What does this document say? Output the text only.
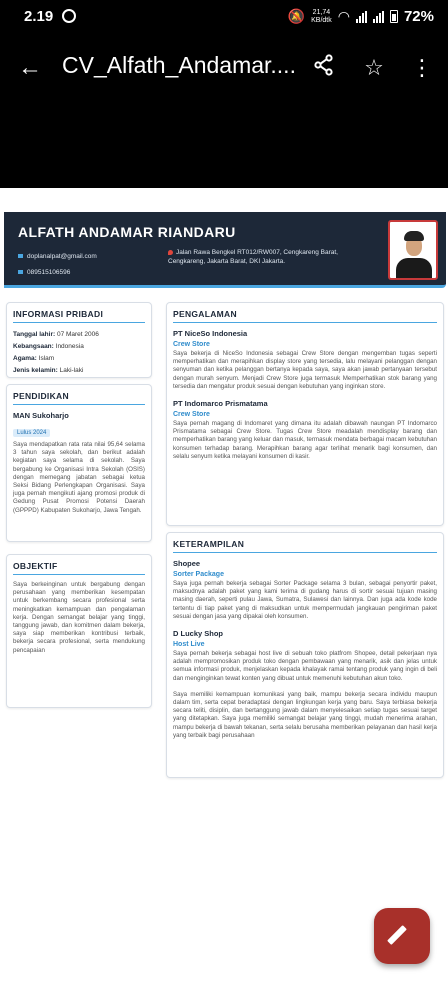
2.19	🔕 21,74
KB/dtk ◠	72%
← CV_Alfath_Andamar....	☆ ⋮
ALFATH ANDAMAR RIANDARU
doplanalpat@gmail.com
089515106596
Jalan Rawa Bengkel RT012/RW007, Cengkareng Barat, Cengkareng, Jakarta Barat, DKI Jakarta.
INFORMASI PRIBADI
Tanggal lahir: 07 Maret 2006
Kebangsaan: Indonesia
Agama: Islam
Jenis kelamin: Laki-laki
PENDIDIKAN
MAN Sukoharjo
Lulus 2024
Saya mendapatkan rata rata nilai 95,64 selama 3 tahun saya sekolah, dan berikut adalah kegiatan saya selama di sekolah. Saya bergabung ke Organisasi Intra Sekolah (OSIS) dengan memegang jabatan sebagai ketua Seksi Bidang Perlengkapan Organisasi. Saya juga pernah mengikuti ajang promosi produk di Gedung Pusat Promosi Potensi Daerah (GPPPD) Kabupaten Sukoharjo, Jawa Tengah.
OBJEKTIF
Saya berkeinginan untuk bergabung dengan perusahaan yang memberikan kesempatan untuk berkembang secara profesional serta meningkatkan kemampuan dan pengalaman kerja. Dengan semangat belajar yang tinggi, tanggung jawab, dan komitmen dalam bekerja, saya siap memberikan kontribusi terbaik, bekerja secara profesional, serta mendukung pencapaian
PENGALAMAN
PT NiceSo Indonesia
Crew Store
Saya bekerja di NiceSo Indonesia sebagai Crew Store dengan mengemban tugas seperti memperhatikan dan merapihkan display store yang tersedia, lalu melayani pelanggan dengan senyuman dan ketika pelanggan bertanya kepada saya, saya akan jawab pertanyaan tersebut dengan murah senyum. Menjadi Crew Store juga termasuk Memperhatikan stok barang yang tersedia dan mengatur produk sesuai dengan kebutuhan yang inginkan store.
PT Indomarco Prismatama
Crew Store
Saya pernah magang di Indomaret yang dimana itu adalah dibawah naungan PT Indomarco Prismatama sebagai Crew Store. Tugas Crew Store meadalah mendisplay barang dan memperhatikan barang yang keluar dan masuk, termasuk mendata berbagai macam kebutuhan konsumen terhadap barang. Merapihkan barang agar terlihat menarik bagi konsumen, dan selalu senyum ketika melayani konsumen di kasir.
KETERAMPILAN
Shopee
Sorter Package
Saya juga pernah bekerja sebagai Sorter Package selama 3 bulan, sebagai penyortir paket, maksudnya adalah paket yang kami terima di gudang harus di sortir sesuai tujuan masing masing daerah, seperti pulau Jawa, Sumatra, Sulawesi dan lainnya. Dan juga ada kode kode tertentu di tiap paket yang di maksudkan untuk mempermudah jangkauan pengiriman paket sesuai dengan jasa yang dipakai oleh konsumen.
D Lucky Shop
Host Live
Saya pernah bekerja sebagai host live di sebuah toko platfrom Shopee, detail pekerjaan nya adalah mempromosikan produk toko dengan pembawaan yang menarik, asik dan jelas untuk semua informasi produk, menjelaskan kepada khalayak ramai tentang produk yang ingin di beli dan menginginkan tewat konten yang dibuat untuk memenuhi kebutuhan akun toko.
Saya memiliki kemampuan komunikasi yang baik, mampu bekerja secara individu maupun dalam tim, serta cepat beradaptasi dengan lingkungan kerja yang baru. Saya terbiasa bekerja secara teliti, disiplin, dan bertanggung jawab dalam menyelesaikan setiap tugas sesuai target yang ditetapkan. Saya juga memiliki semangat belajar yang tinggi, mudah menerima arahan, mampu bekerja di bawah tekanan, serta selalu berusaha memberikan pelayanan dan hasil kerja yang terbaik bagi perusahaan
